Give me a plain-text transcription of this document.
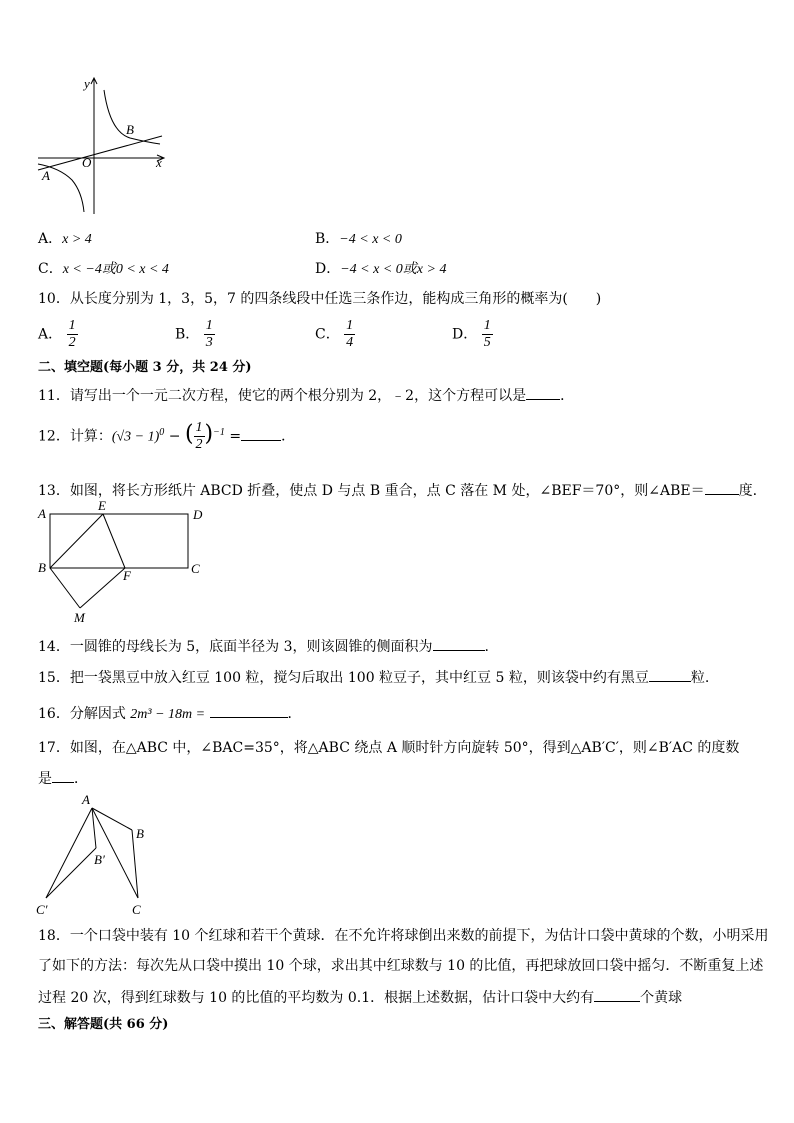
y
x
O
A
B
A．x > 4	B．−4 < x < 0
C．x < −4或0 < x < 4	D．−4 < x < 0或x > 4
10．从长度分别为 1，3，5，7 的四条线段中任选三条作边，能构成三角形的概率为(　　)
A． $\frac{1}{2}$	B． $\frac{1}{3}$	C． $\frac{1}{4}$	D． $\frac{1}{5}$
二、填空题(每小题 3 分，共 24 分)
11．请写出一个一元二次方程，使它的两个根分别为 2，﹣2，这个方程可以是 ．
12．计算：$(√3 - 1)^0$ − ( $\frac{1}{2} )^{-1}$ =	．
13．如图，将长方形纸片 ABCD 折叠，使点 D 与点 B 重合，点 C 落在 M 处，∠BEF＝70°，则∠ABE＝ 度.
A
E
D
B
F	C
M
14．一圆锥的母线长为 5，底面半径为 3，则该圆锥的侧面积为	.
15．把一袋黑豆中放入红豆 100 粒，搅匀后取出 100 粒豆子，其中红豆 5 粒，则该袋中约有黑豆	粒.
16．分解因式 2m³ − 18m =	．
17．如图，在△ABC 中，∠BAC=35°，将△ABC 绕点 A 顺时针方向旋转 50°，得到△AB′C′，则∠B′AC 的度数
是 ．
A
B
B′
C′	C
18．一个口袋中装有 10 个红球和若干个黄球．在不允许将球倒出来数的前提下，为估计口袋中黄球的个数，小明采用
了如下的方法：每次先从口袋中摸出 10 个球，求出其中红球数与 10 的比值，再把球放回口袋中摇匀．不断重复上述
过程 20 次，得到红球数与 10 的比值的平均数为 0.1．根据上述数据，估计口袋中大约有	个黄球
三、解答题(共 66 分)
